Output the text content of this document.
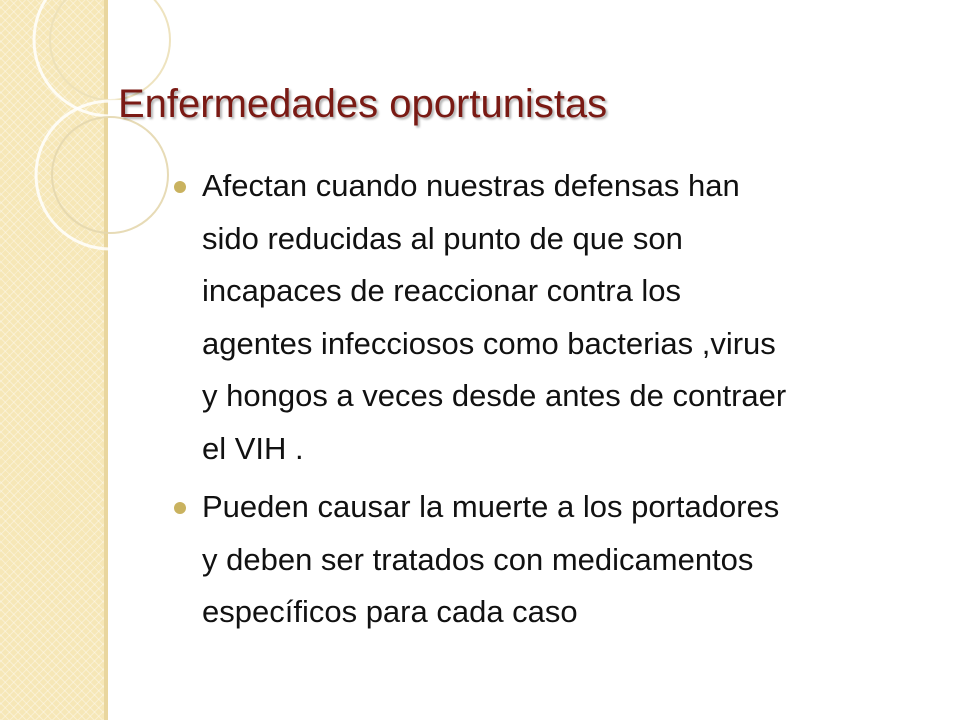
Enfermedades oportunistas
Afectan cuando nuestras defensas han
sido reducidas al punto de que son
incapaces de reaccionar contra los
agentes infecciosos como bacterias ,virus
y hongos a veces desde antes de contraer
el VIH .
Pueden causar la muerte a los portadores
y deben ser tratados con medicamentos
específicos para cada caso
